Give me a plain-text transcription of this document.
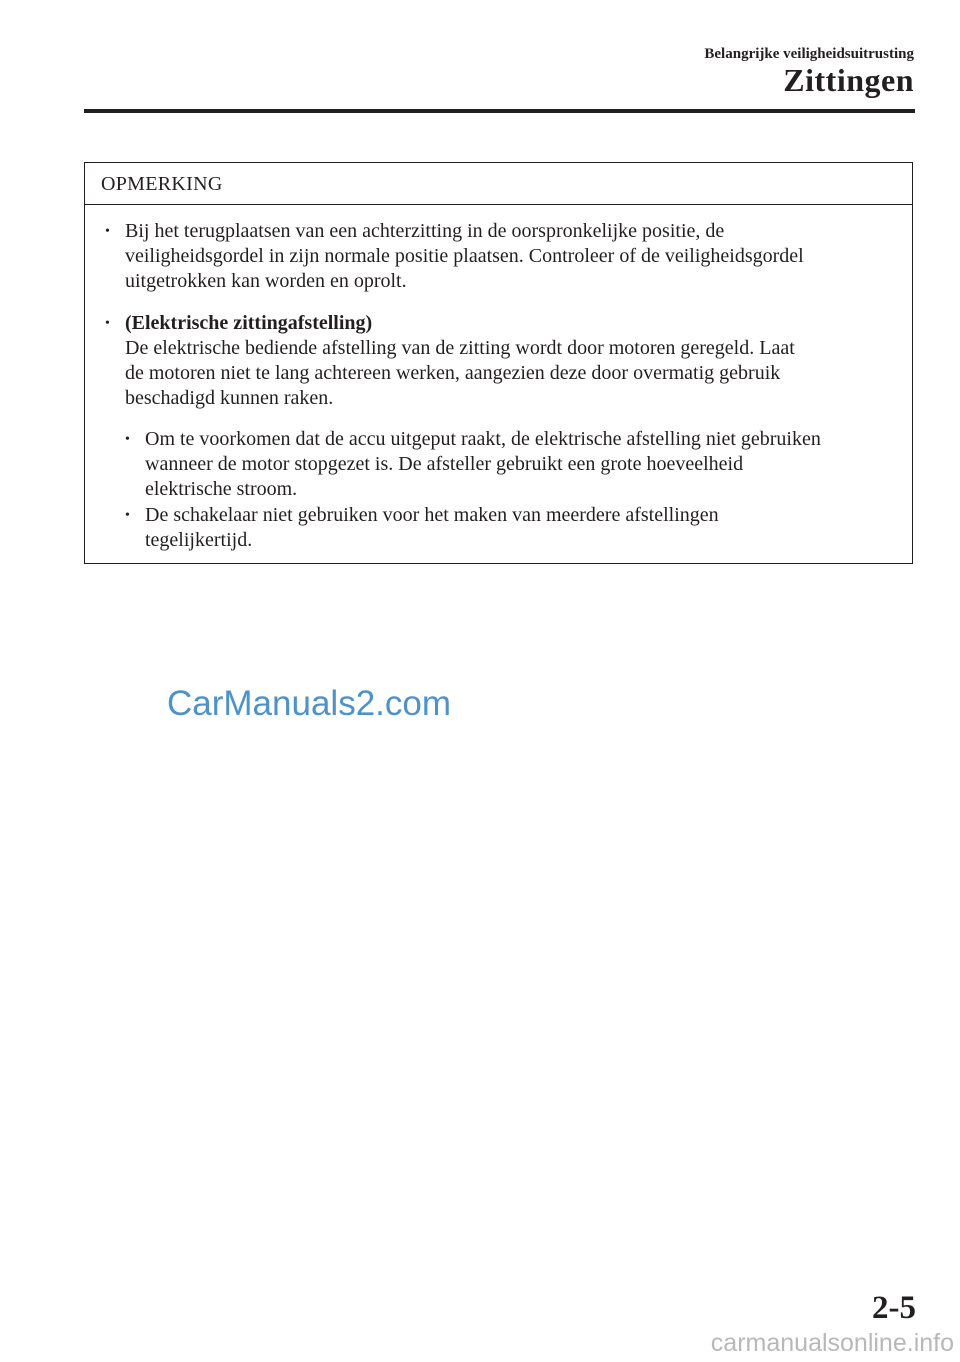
Belangrijke veiligheidsuitrusting
Zittingen
OPMERKING
• Bij het terugplaatsen van een achterzitting in de oorspronkelijke positie, de
veiligheidsgordel in zijn normale positie plaatsen. Controleer of de veiligheidsgordel
uitgetrokken kan worden en oprolt.
• (Elektrische zittingafstelling)
De elektrische bediende afstelling van de zitting wordt door motoren geregeld. Laat
de motoren niet te lang achtereen werken, aangezien deze door overmatig gebruik
beschadigd kunnen raken.
• Om te voorkomen dat de accu uitgeput raakt, de elektrische afstelling niet gebruiken
wanneer de motor stopgezet is. De afsteller gebruikt een grote hoeveelheid
elektrische stroom.
• De schakelaar niet gebruiken voor het maken van meerdere afstellingen
tegelijkertijd.
CarManuals2.com
2-5
carmanualsonline.info
